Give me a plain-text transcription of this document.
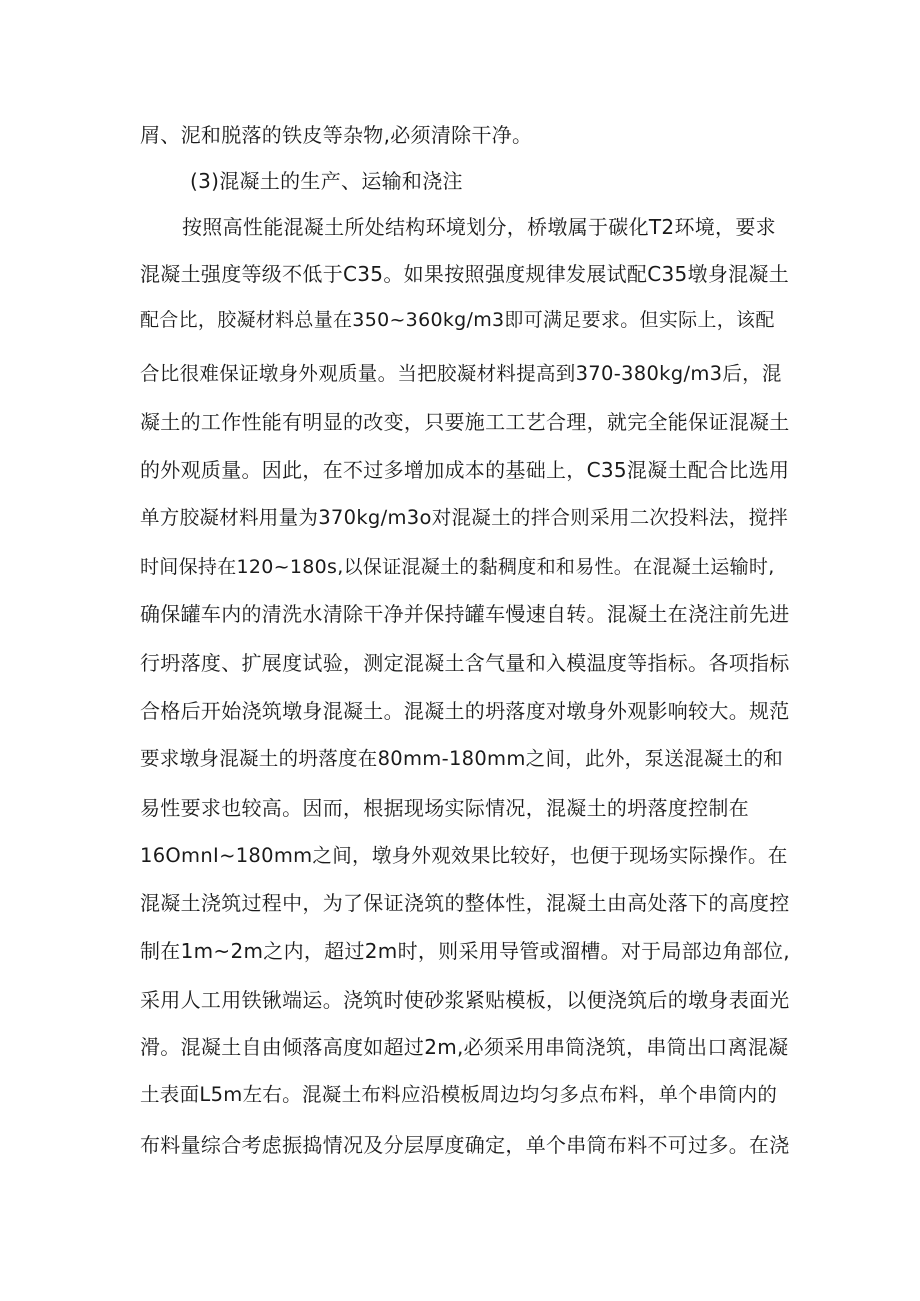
屑、泥和脱落的铁皮等杂物,必须清除干净。
(3)混凝土的生产、运输和浇注
按照高性能混凝土所处结构环境划分，桥墩属于碳化T2环境，要求
混凝土强度等级不低于C35。如果按照强度规律发展试配C35墩身混凝土
配合比，胶凝材料总量在350~360kg∕m3即可满足要求。但实际上，该配
合比很难保证墩身外观质量。当把胶凝材料提高到370-380kg∕m3后，混
凝土的工作性能有明显的改变，只要施工工艺合理，就完全能保证混凝土
的外观质量。因此，在不过多增加成本的基础上，C35混凝土配合比选用
单方胶凝材料用量为370kg∕m3o对混凝土的拌合则采用二次投料法，搅拌
时间保持在120~180s,以保证混凝土的黏稠度和和易性。在混凝土运输时,
确保罐车内的清洗水清除干净并保持罐车慢速自转。混凝土在浇注前先进
行坍落度、扩展度试验，测定混凝土含气量和入模温度等指标。各项指标
合格后开始浇筑墩身混凝土。混凝土的坍落度对墩身外观影响较大。规范
要求墩身混凝土的坍落度在80mm-180mm之间，此外，泵送混凝土的和
易性要求也较高。因而，根据现场实际情况，混凝土的坍落度控制在
16OmnI~180mm之间，墩身外观效果比较好，也便于现场实际操作。在
混凝土浇筑过程中，为了保证浇筑的整体性，混凝土由高处落下的高度控
制在1m~2m之内，超过2m时，则采用导管或溜槽。对于局部边角部位,
采用人工用铁锹端运。浇筑时使砂浆紧贴模板，以便浇筑后的墩身表面光
滑。混凝土自由倾落高度如超过2m,必须采用串筒浇筑，串筒出口离混凝
土表面L5m左右。混凝土布料应沿模板周边均匀多点布料，单个串筒内的
布料量综合考虑振捣情况及分层厚度确定，单个串筒布料不可过多。在浇
